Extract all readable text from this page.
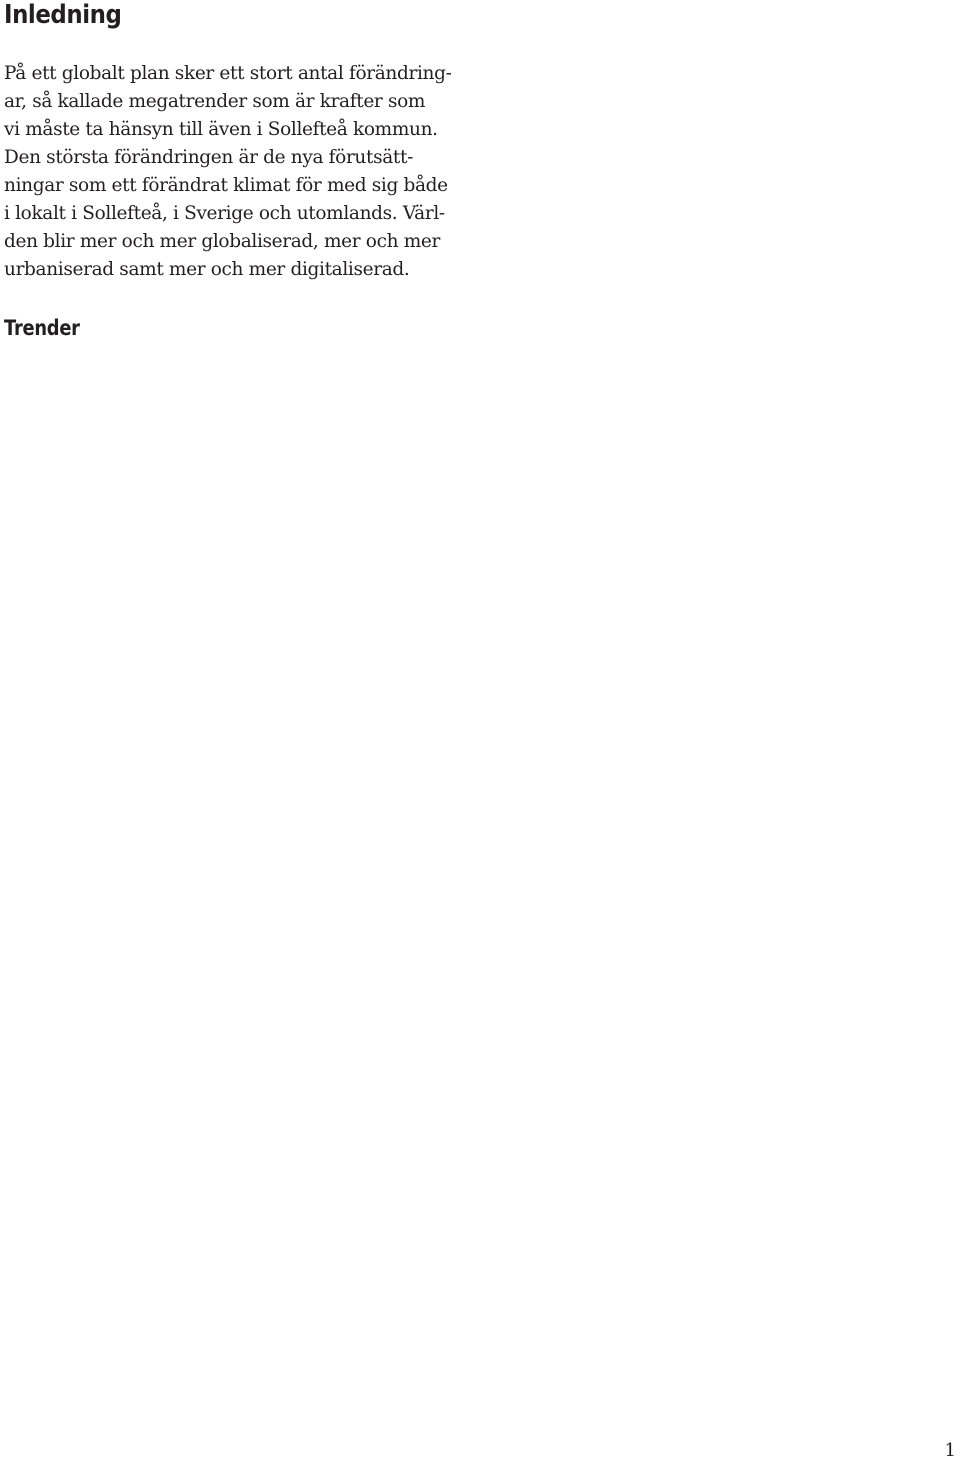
Inledning
På ett globalt plan sker ett stort antal förändring-
ar, så kallade megatrender som är krafter som
vi måste ta hänsyn till även i Sollefteå kommun.
Den största förändringen är de nya förutsätt-
ningar som ett förändrat klimat för med sig både
i lokalt i Sollefteå, i Sverige och utomlands. Värl-
den blir mer och mer globaliserad, mer och mer
urbaniserad samt mer och mer digitaliserad.
Trender
1
